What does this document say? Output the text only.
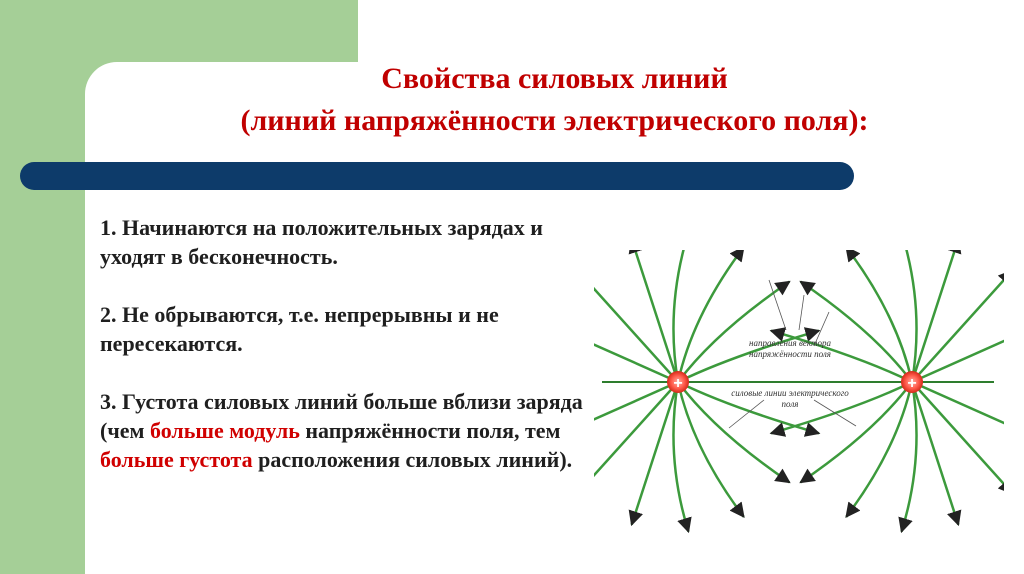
Свойства силовых линий
(линий напряжённости электрического поля):

1. Начинаются на положительных зарядах и уходят в бесконечность.

2. Не обрываются, т.е. непрерывны и не пересекаются.

3. Густота силовых линий больше вблизи заряда (чем больше модуль напряжённости поля, тем больше густота расположения силовых линий).

направления вектора
напряжённости поля
силовые линии электрического
поля
+	+
